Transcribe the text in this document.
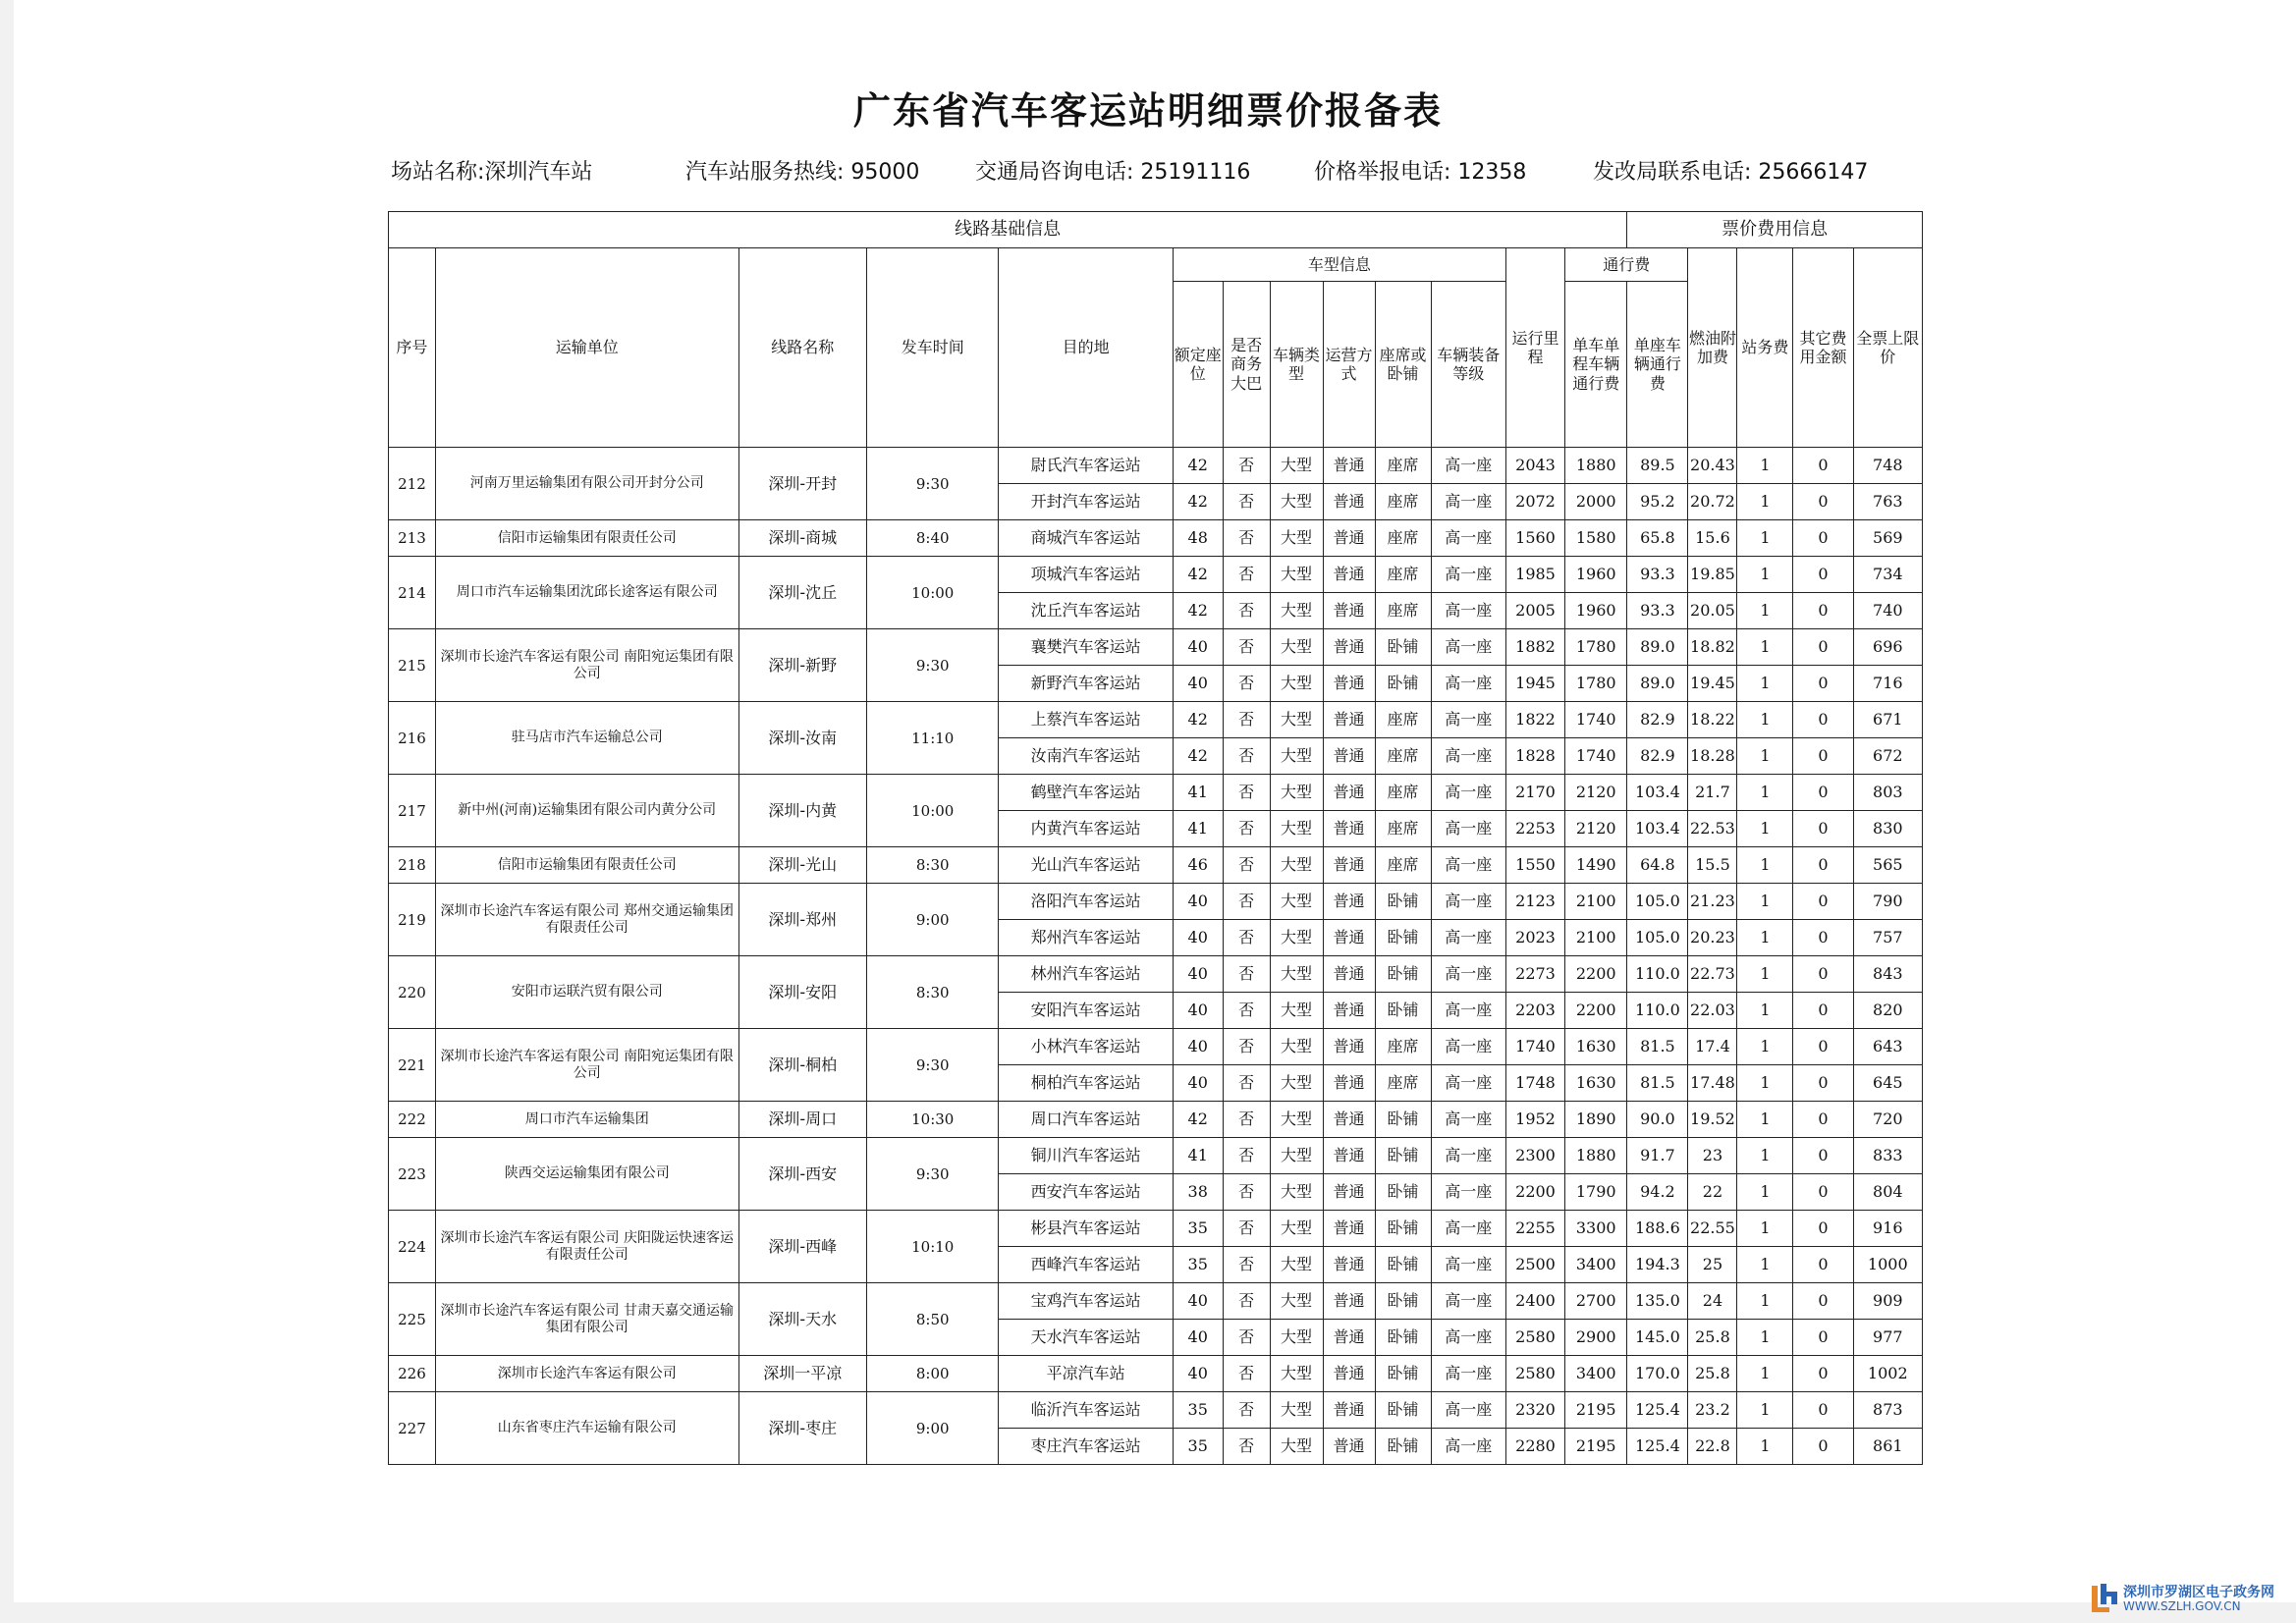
广东省汽车客运站明细票价报备表
场站名称:深圳汽车站	汽车站服务热线: 95000	交通局咨询电话: 25191116	价格举报电话: 12358	发改局联系电话: 25666147
线路基础信息													票价费用信息				
序号	运输单位	线路名称	发车时间	目的地	车型信息						运行里程	通行费		燃油附加费	站务费	其它费用金额	全票上限价
					额定座位	是否商务大巴	车辆类型	运营方式	座席或卧铺	车辆装备等级		单车单程车辆通行费	单座车辆通行费				

212	河南万里运输集团有限公司开封分公司	深圳-开封	9:30	尉氏汽车客运站	42	否	大型	普通	座席	高一座	2043	1880	89.5	20.43	1	0	748
				开封汽车客运站	42	否	大型	普通	座席	高一座	2072	2000	95.2	20.72	1	0	763
213	信阳市运输集团有限责任公司	深圳-商城	8:40	商城汽车客运站	48	否	大型	普通	座席	高一座	1560	1580	65.8	15.6	1	0	569
214	周口市汽车运输集团沈邱长途客运有限公司	深圳-沈丘	10:00	项城汽车客运站	42	否	大型	普通	座席	高一座	1985	1960	93.3	19.85	1	0	734
				沈丘汽车客运站	42	否	大型	普通	座席	高一座	2005	1960	93.3	20.05	1	0	740
215	深圳市长途汽车客运有限公司 南阳宛运集团有限公司	深圳-新野	9:30	襄樊汽车客运站	40	否	大型	普通	卧铺	高一座	1882	1780	89.0	18.82	1	0	696
				新野汽车客运站	40	否	大型	普通	卧铺	高一座	1945	1780	89.0	19.45	1	0	716
216	驻马店市汽车运输总公司	深圳-汝南	11:10	上蔡汽车客运站	42	否	大型	普通	座席	高一座	1822	1740	82.9	18.22	1	0	671
				汝南汽车客运站	42	否	大型	普通	座席	高一座	1828	1740	82.9	18.28	1	0	672
217	新中州(河南)运输集团有限公司内黄分公司	深圳-内黄	10:00	鹤壁汽车客运站	41	否	大型	普通	座席	高一座	2170	2120	103.4	21.7	1	0	803
				内黄汽车客运站	41	否	大型	普通	座席	高一座	2253	2120	103.4	22.53	1	0	830
218	信阳市运输集团有限责任公司	深圳-光山	8:30	光山汽车客运站	46	否	大型	普通	座席	高一座	1550	1490	64.8	15.5	1	0	565
219	深圳市长途汽车客运有限公司 郑州交通运输集团有限责任公司	深圳-郑州	9:00	洛阳汽车客运站	40	否	大型	普通	卧铺	高一座	2123	2100	105.0	21.23	1	0	790
				郑州汽车客运站	40	否	大型	普通	卧铺	高一座	2023	2100	105.0	20.23	1	0	757
220	安阳市运联汽贸有限公司	深圳-安阳	8:30	林州汽车客运站	40	否	大型	普通	卧铺	高一座	2273	2200	110.0	22.73	1	0	843
				安阳汽车客运站	40	否	大型	普通	卧铺	高一座	2203	2200	110.0	22.03	1	0	820
221	深圳市长途汽车客运有限公司 南阳宛运集团有限公司	深圳-桐柏	9:30	小林汽车客运站	40	否	大型	普通	座席	高一座	1740	1630	81.5	17.4	1	0	643
				桐柏汽车客运站	40	否	大型	普通	座席	高一座	1748	1630	81.5	17.48	1	0	645
222	周口市汽车运输集团	深圳-周口	10:30	周口汽车客运站	42	否	大型	普通	卧铺	高一座	1952	1890	90.0	19.52	1	0	720
223	陕西交运运输集团有限公司	深圳-西安	9:30	铜川汽车客运站	41	否	大型	普通	卧铺	高一座	2300	1880	91.7	23	1	0	833
				西安汽车客运站	38	否	大型	普通	卧铺	高一座	2200	1790	94.2	22	1	0	804
224	深圳市长途汽车客运有限公司 庆阳陇运快速客运有限责任公司	深圳-西峰	10:10	彬县汽车客运站	35	否	大型	普通	卧铺	高一座	2255	3300	188.6	22.55	1	0	916
				西峰汽车客运站	35	否	大型	普通	卧铺	高一座	2500	3400	194.3	25	1	0	1000
225	深圳市长途汽车客运有限公司 甘肃天嘉交通运输集团有限公司	深圳-天水	8:50	宝鸡汽车客运站	40	否	大型	普通	卧铺	高一座	2400	2700	135.0	24	1	0	909
				天水汽车客运站	40	否	大型	普通	卧铺	高一座	2580	2900	145.0	25.8	1	0	977
226	深圳市长途汽车客运有限公司	深圳一平凉	8:00	平凉汽车站	40	否	大型	普通	卧铺	高一座	2580	3400	170.0	25.8	1	0	1002
227	山东省枣庄汽车运输有限公司	深圳-枣庄	9:00	临沂汽车客运站	35	否	大型	普通	卧铺	高一座	2320	2195	125.4	23.2	1	0	873
				枣庄汽车客运站	35	否	大型	普通	卧铺	高一座	2280	2195	125.4	22.8	1	0	861
深圳市罗湖区电子政务网
WWW.SZLH.GOV.CN
